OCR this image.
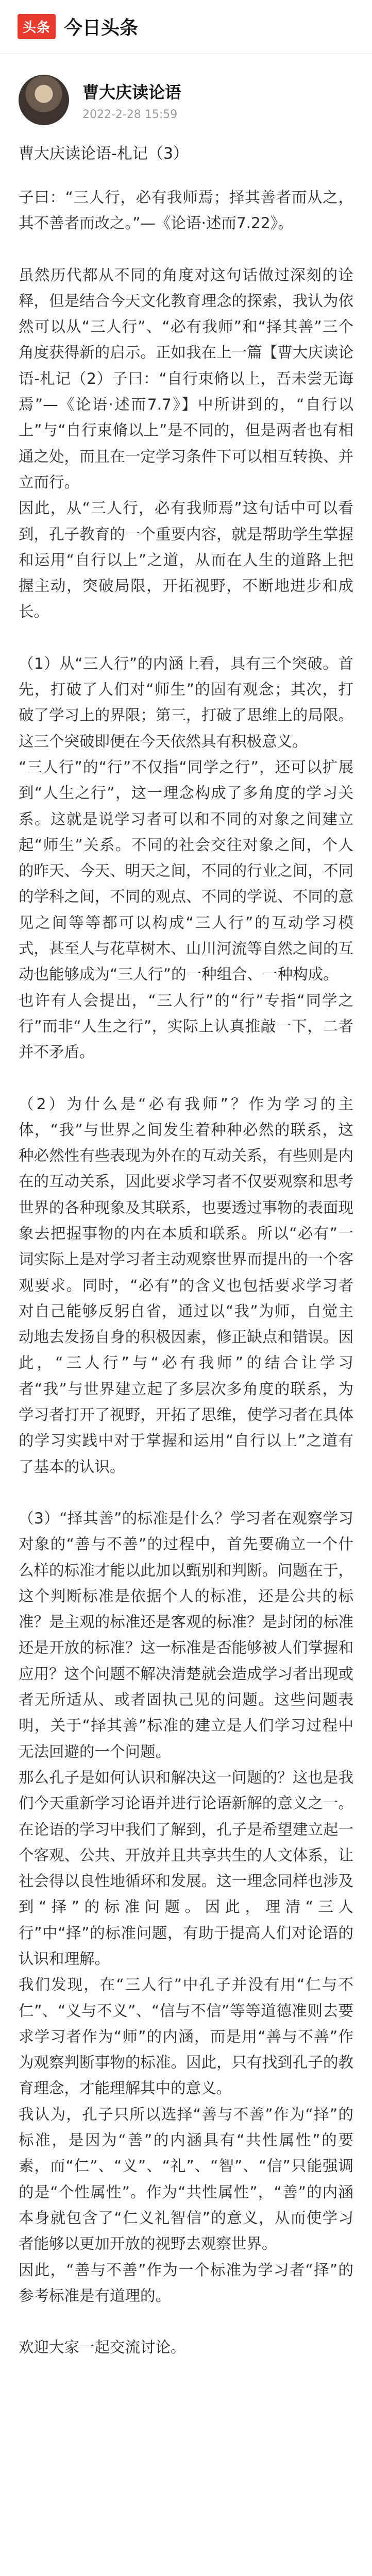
头条 今日头条
曹大庆读论语
2022-2-28 15:59
曹大庆读论语-札记（3）

子曰：“三人行，必有我师焉；择其善者而从之，其不善者而改之。”—《论语·述而7.22》。

虽然历代都从不同的角度对这句话做过深刻的诠释，但是结合今天文化教育理念的探索，我认为依然可以从“三人行”、“必有我师”和“择其善”三个角度获得新的启示。正如我在上一篇【曹大庆读论语-札记（2）子曰：“自行束脩以上，吾未尝无诲焉”—《论语·述而7.7》】中所讲到的，“自行以上”与“自行束脩以上”是不同的，但是两者也有相通之处，而且在一定学习条件下可以相互转换、并立而行。
因此，从“三人行，必有我师焉”这句话中可以看到，孔子教育的一个重要内容，就是帮助学生掌握和运用“自行以上”之道，从而在人生的道路上把握主动，突破局限，开拓视野，不断地进步和成长。

（1）从“三人行”的内涵上看，具有三个突破。首先，打破了人们对“师生”的固有观念；其次，打破了学习上的界限；第三，打破了思维上的局限。这三个突破即便在今天依然具有积极意义。
“三人行”的“行”不仅指“同学之行”，还可以扩展到“人生之行”，这一理念构成了多角度的学习关系。这就是说学习者可以和不同的对象之间建立起“师生”关系。不同的社会交往对象之间，个人的昨天、今天、明天之间，不同的行业之间，不同的学科之间，不同的观点、不同的学说、不同的意见之间等等都可以构成“三人行”的互动学习模式，甚至人与花草树木、山川河流等自然之间的互动也能够成为“三人行”的一种组合、一种构成。
也许有人会提出，“三人行”的“行”专指“同学之行”而非“人生之行”，实际上认真推敲一下，二者并不矛盾。

（2）为什么是“必有我师”？作为学习的主体，“我”与世界之间发生着种种必然的联系，这种必然性有些表现为外在的互动关系，有些则是内在的互动关系，因此要求学习者不仅要观察和思考世界的各种现象及其联系，也要透过事物的表面现象去把握事物的内在本质和联系。所以“必有”一词实际上是对学习者主动观察世界而提出的一个客观要求。同时，“必有”的含义也包括要求学习者对自己能够反躬自省，通过以“我”为师，自觉主动地去发扬自身的积极因素，修正缺点和错误。因此，“三人行”与“必有我师”的结合让学习者“我”与世界建立起了多层次多角度的联系，为学习者打开了视野，开拓了思维，使学习者在具体的学习实践中对于掌握和运用“自行以上”之道有了基本的认识。

（3）“择其善”的标准是什么？学习者在观察学习对象的“善与不善”的过程中，首先要确立一个什么样的标准才能以此加以甄别和判断。问题在于，这个判断标准是依据个人的标准，还是公共的标准？是主观的标准还是客观的标准？是封闭的标准还是开放的标准？这一标准是否能够被人们掌握和应用？这个问题不解决清楚就会造成学习者出现或者无所适从、或者固执己见的问题。这些问题表明，关于“择其善”标准的建立是人们学习过程中无法回避的一个问题。
那么孔子是如何认识和解决这一问题的？这也是我们今天重新学习论语并进行论语新解的意义之一。在论语的学习中我们了解到，孔子是希望建立起一个客观、公共、开放并且共享共生的人文体系，让社会得以良性地循环和发展。这一理念同样也涉及到“择”的标准问题。因此，理清“三人行”中“择”的标准问题，有助于提高人们对论语的认识和理解。
我们发现，在“三人行”中孔子并没有用“仁与不仁”、“义与不义”、“信与不信”等等道德准则去要求学习者作为“师”的内涵，而是用“善与不善”作为观察判断事物的标准。因此，只有找到孔子的教育理念，才能理解其中的意义。
我认为，孔子只所以选择“善与不善”作为“择”的标准，是因为“善”的内涵具有“共性属性”的要素，而“仁”、“义”、“礼”、“智”、“信”只能强调的是“个性属性”。作为“共性属性”，“善”的内涵本身就包含了“仁义礼智信”的意义，从而使学习者能够以更加开放的视野去观察世界。
因此，“善与不善”作为一个标准为学习者“择”的参考标准是有道理的。

欢迎大家一起交流讨论。
